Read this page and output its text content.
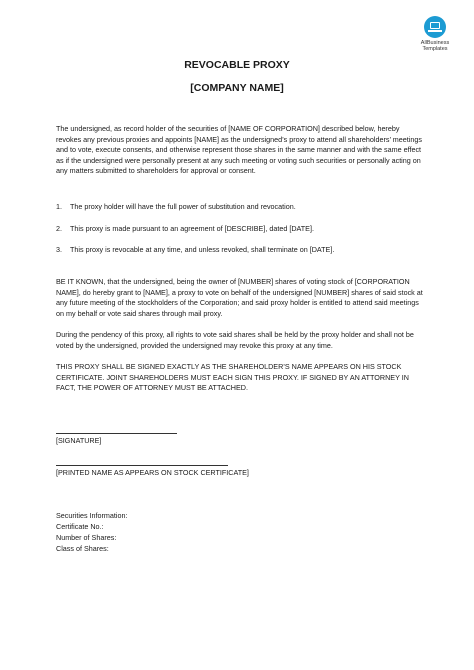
AllBusiness
Templates
REVOCABLE PROXY
[COMPANY NAME]
The undersigned, as record holder of the securities of [NAME OF CORPORATION] described below, hereby revokes any previous proxies and appoints [NAME] as the undersigned’s proxy to attend all shareholders’ meetings and to vote, execute consents, and otherwise represent those shares in the same manner and with the same effect as if the undersigned were personally present at any such meeting or voting such securities or personally acting on any matters submitted to shareholders for approval or consent.
1. The proxy holder will have the full power of substitution and revocation.
2. This proxy is made pursuant to an agreement of [DESCRIBE], dated [DATE].
3. This proxy is revocable at any time, and unless revoked, shall terminate on [DATE].
BE IT KNOWN, that the undersigned, being the owner of [NUMBER] shares of voting stock of [CORPORATION NAME], do hereby grant to [NAME], a proxy to vote on behalf of the undersigned [NUMBER] shares of said stock at any future meeting of the stockholders of the Corporation; and said proxy holder is entitled to attend said meetings on my behalf or vote said shares through mail proxy.
During the pendency of this proxy, all rights to vote said shares shall be held by the proxy holder and shall not be voted by the undersigned, provided the undersigned may revoke this proxy at any time.
THIS PROXY SHALL BE SIGNED EXACTLY AS THE SHAREHOLDER’S NAME APPEARS ON HIS STOCK CERTIFICATE. JOINT SHAREHOLDERS MUST EACH SIGN THIS PROXY. IF SIGNED BY AN ATTORNEY IN FACT, THE POWER OF ATTORNEY MUST BE ATTACHED.
[SIGNATURE]
[PRINTED NAME AS APPEARS ON STOCK CERTIFICATE]
Securities Information:
Certificate No.:
Number of Shares:
Class of Shares:
